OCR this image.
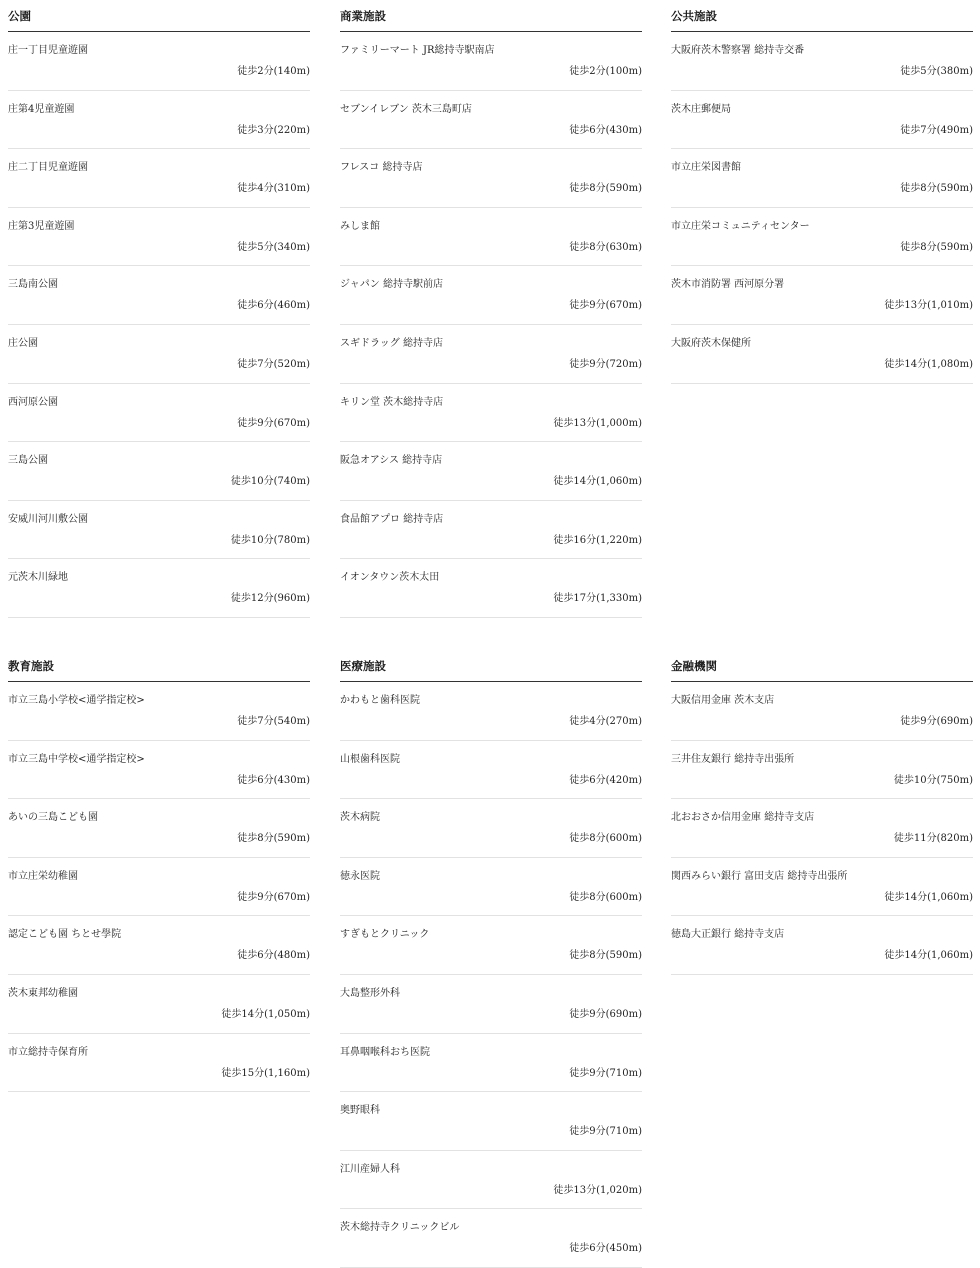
公園
庄一丁目児童遊園
徒歩2分(140m)
庄第4児童遊園
徒歩3分(220m)
庄二丁目児童遊園
徒歩4分(310m)
庄第3児童遊園
徒歩5分(340m)
三島南公園
徒歩6分(460m)
庄公園
徒歩7分(520m)
西河原公園
徒歩9分(670m)
三島公園
徒歩10分(740m)
安威川河川敷公園
徒歩10分(780m)
元茨木川緑地
徒歩12分(960m)
商業施設
ファミリーマート JR総持寺駅南店
徒歩2分(100m)
セブンイレブン 茨木三島町店
徒歩6分(430m)
フレスコ 総持寺店
徒歩8分(590m)
みしま館
徒歩8分(630m)
ジャパン 総持寺駅前店
徒歩9分(670m)
スギドラッグ 総持寺店
徒歩9分(720m)
キリン堂 茨木総持寺店
徒歩13分(1,000m)
阪急オアシス 総持寺店
徒歩14分(1,060m)
食品館アプロ 総持寺店
徒歩16分(1,220m)
イオンタウン茨木太田
徒歩17分(1,330m)
公共施設
大阪府茨木警察署 総持寺交番
徒歩5分(380m)
茨木庄郵便局
徒歩7分(490m)
市立庄栄図書館
徒歩8分(590m)
市立庄栄コミュニティセンター
徒歩8分(590m)
茨木市消防署 西河原分署
徒歩13分(1,010m)
大阪府茨木保健所
徒歩14分(1,080m)
教育施設
市立三島小学校<通学指定校>
徒歩7分(540m)
市立三島中学校<通学指定校>
徒歩6分(430m)
あいの三島こども園
徒歩8分(590m)
市立庄栄幼稚園
徒歩9分(670m)
認定こども園 ちとせ學院
徒歩6分(480m)
茨木東邦幼稚園
徒歩14分(1,050m)
市立総持寺保育所
徒歩15分(1,160m)
医療施設
かわもと歯科医院
徒歩4分(270m)
山根歯科医院
徒歩6分(420m)
茨木病院
徒歩8分(600m)
徳永医院
徒歩8分(600m)
すぎもとクリニック
徒歩8分(590m)
大島整形外科
徒歩9分(690m)
耳鼻咽喉科おち医院
徒歩9分(710m)
奥野眼科
徒歩9分(710m)
江川産婦人科
徒歩13分(1,020m)
茨木総持寺クリニックビル
徒歩6分(450m)
金融機関
大阪信用金庫 茨木支店
徒歩9分(690m)
三井住友銀行 総持寺出張所
徒歩10分(750m)
北おおさか信用金庫 総持寺支店
徒歩11分(820m)
関西みらい銀行 富田支店 総持寺出張所
徒歩14分(1,060m)
徳島大正銀行 総持寺支店
徒歩14分(1,060m)
